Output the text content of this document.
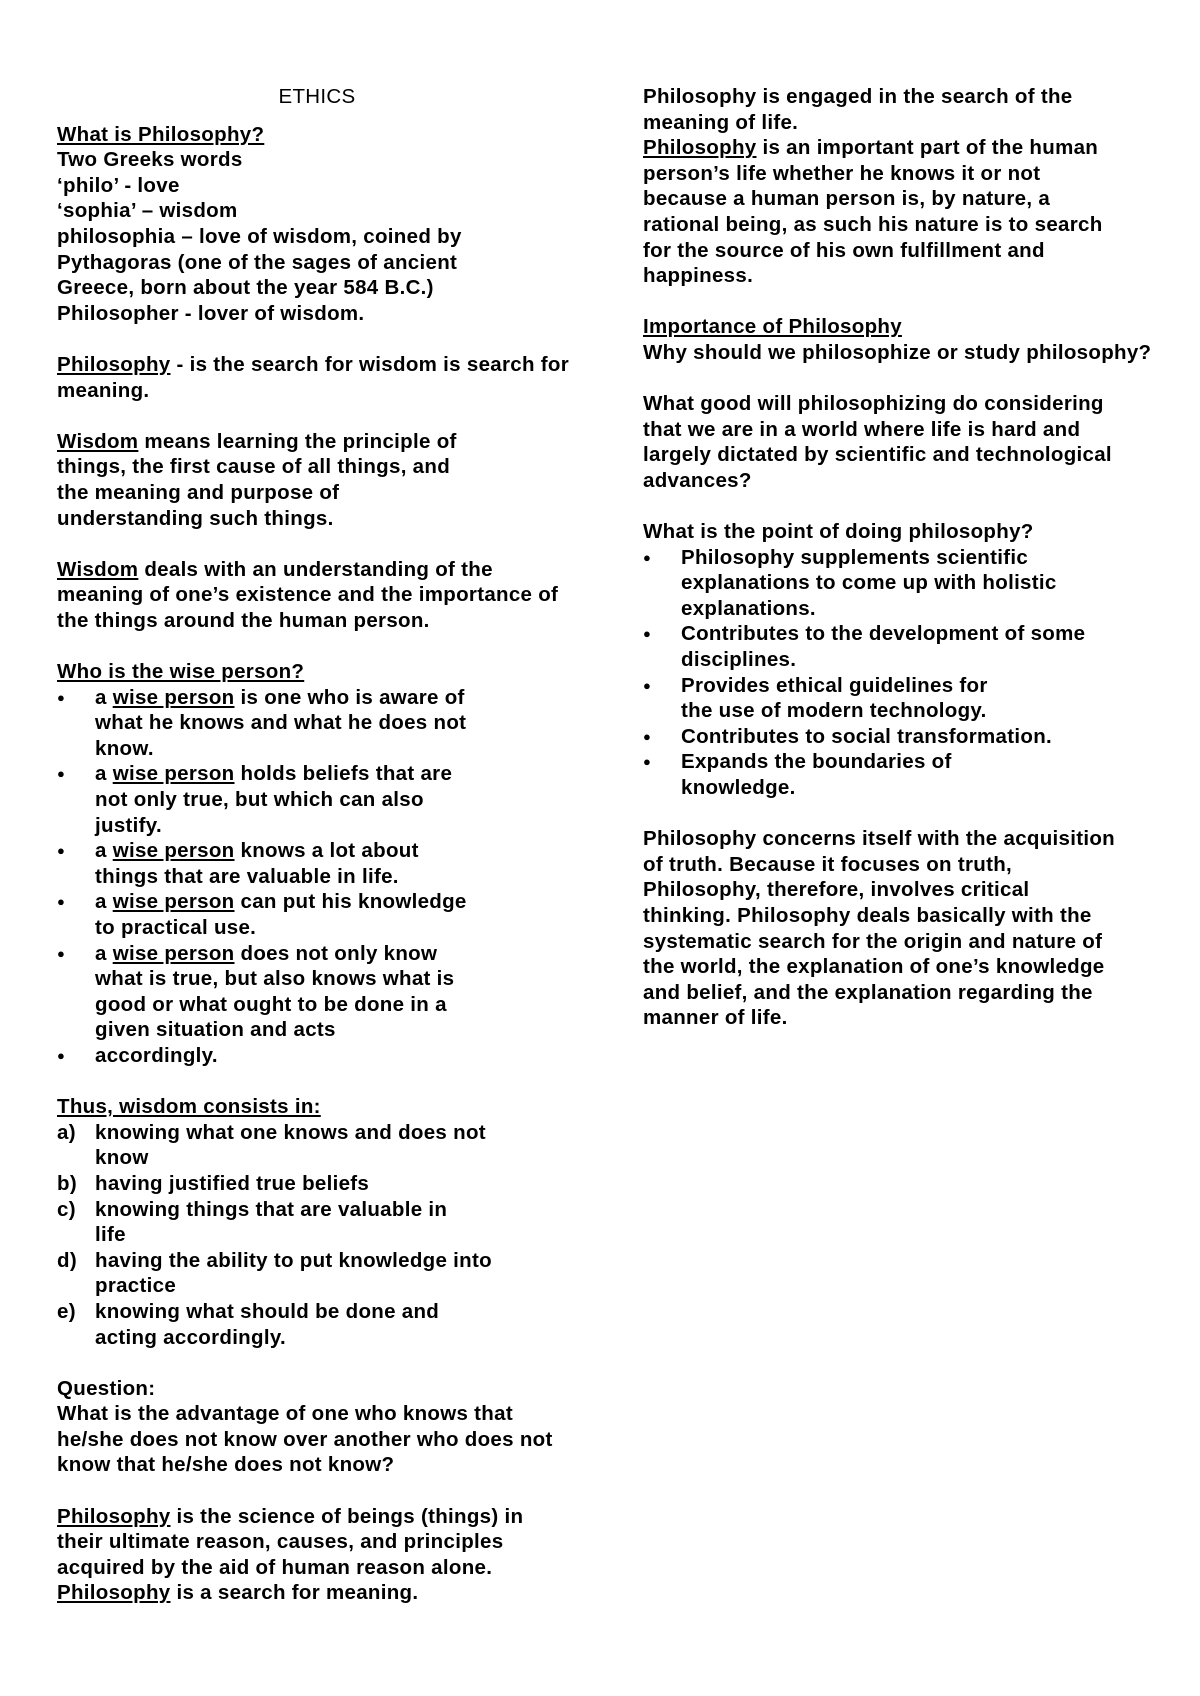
ETHICS
What is Philosophy?
Two Greeks words
‘philo’ - love
‘sophia’ – wisdom
philosophia – love of wisdom, coined by
Pythagoras (one of the sages of ancient
Greece, born about the year 584 B.C.)
Philosopher - lover of wisdom.

Philosophy - is the search for wisdom is search for meaning.

Wisdom means learning the principle of things, the first cause of all things, and the meaning and purpose of understanding such things.

Wisdom deals with an understanding of the meaning of one’s existence and the importance of the things around the human person.

Who is the wise person?
● a wise person is one who is aware of what he knows and what he does not know.
● a wise person holds beliefs that are not only true, but which can also justify.
● a wise person knows a lot about things that are valuable in life.
● a wise person can put his knowledge to practical use.
● a wise person does not only know what is true, but also knows what is good or what ought to be done in a given situation and acts
● accordingly.
Thus, wisdom consists in:
a) knowing what one knows and does not know
b) having justified true beliefs
c) knowing things that are valuable in life
d) having the ability to put knowledge into practice
e) knowing what should be done and acting accordingly.
Question:

What is the advantage of one who knows that he/she does not know over another who does not know that he/she does not know?

Philosophy is the science of beings (things) in their ultimate reason, causes, and principles acquired by the aid of human reason alone.

Philosophy is a search for meaning.

Philosophy is engaged in the search of the meaning of life.

Philosophy is an important part of the human person’s life whether he knows it or not because a human person is, by nature, a rational being, as such his nature is to search for the source of his own fulfillment and happiness.

Importance of Philosophy
Why should we philosophize or study philosophy?

What good will philosophizing do considering that we are in a world where life is hard and largely dictated by scientific and technological advances?

What is the point of doing philosophy?
● Philosophy supplements scientific explanations to come up with holistic explanations.
● Contributes to the development of some disciplines.
● Provides ethical guidelines for the use of modern technology.
● Contributes to social transformation.
● Expands the boundaries of knowledge.

Philosophy concerns itself with the acquisition of truth. Because it focuses on truth, Philosophy, therefore, involves critical thinking. Philosophy deals basically with the systematic search for the origin and nature of the world, the explanation of one’s knowledge and belief, and the explanation regarding the manner of life.
